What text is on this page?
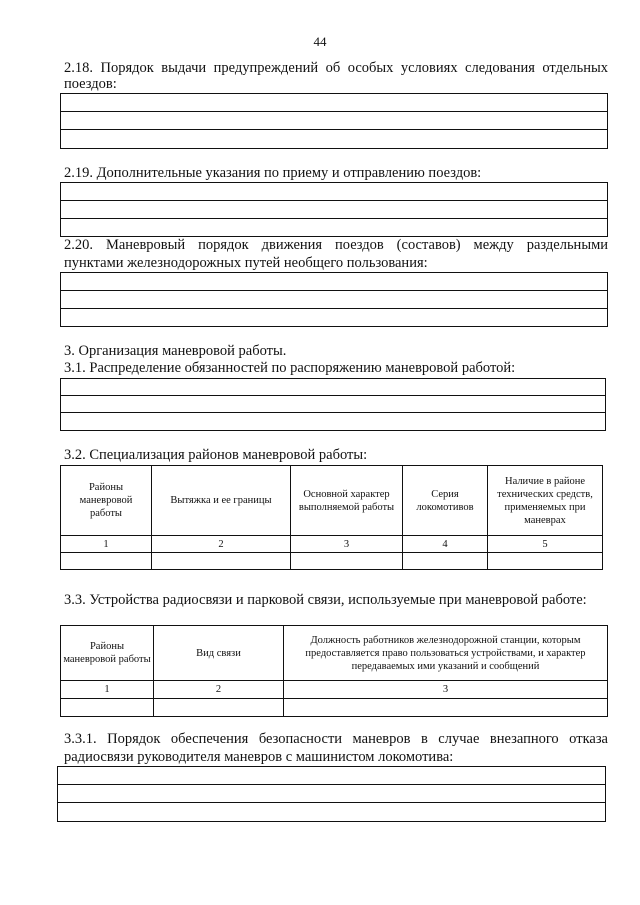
44
2.18. Порядок выдачи предупреждений об особых условиях следования отдельных
поездов:
2.19. Дополнительные указания по приему и отправлению поездов:
2.20. Маневровый порядок движения поездов (составов) между раздельными
пунктами железнодорожных путей необщего пользования:
3. Организация маневровой работы.
3.1. Распределение обязанностей по распоряжению маневровой работой:
3.2. Специализация районов маневровой работы:
Районы маневровой работы	Вытяжка и ее границы	Основной характер выполняемой работы	Серия локомотивов	Наличие в районе технических средств, применяемых при маневрах
1	2	3	4	5

3.3. Устройства радиосвязи и парковой связи, используемые при маневровой работе:
Районы маневровой работы	Вид связи	Должность работников железнодорожной станции, которым предоставляется право пользоваться устройствами, и характер передаваемых ими указаний и сообщений
1	2	3

3.3.1. Порядок обеспечения безопасности маневров в случае внезапного отказа
радиосвязи руководителя маневров с машинистом локомотива:
